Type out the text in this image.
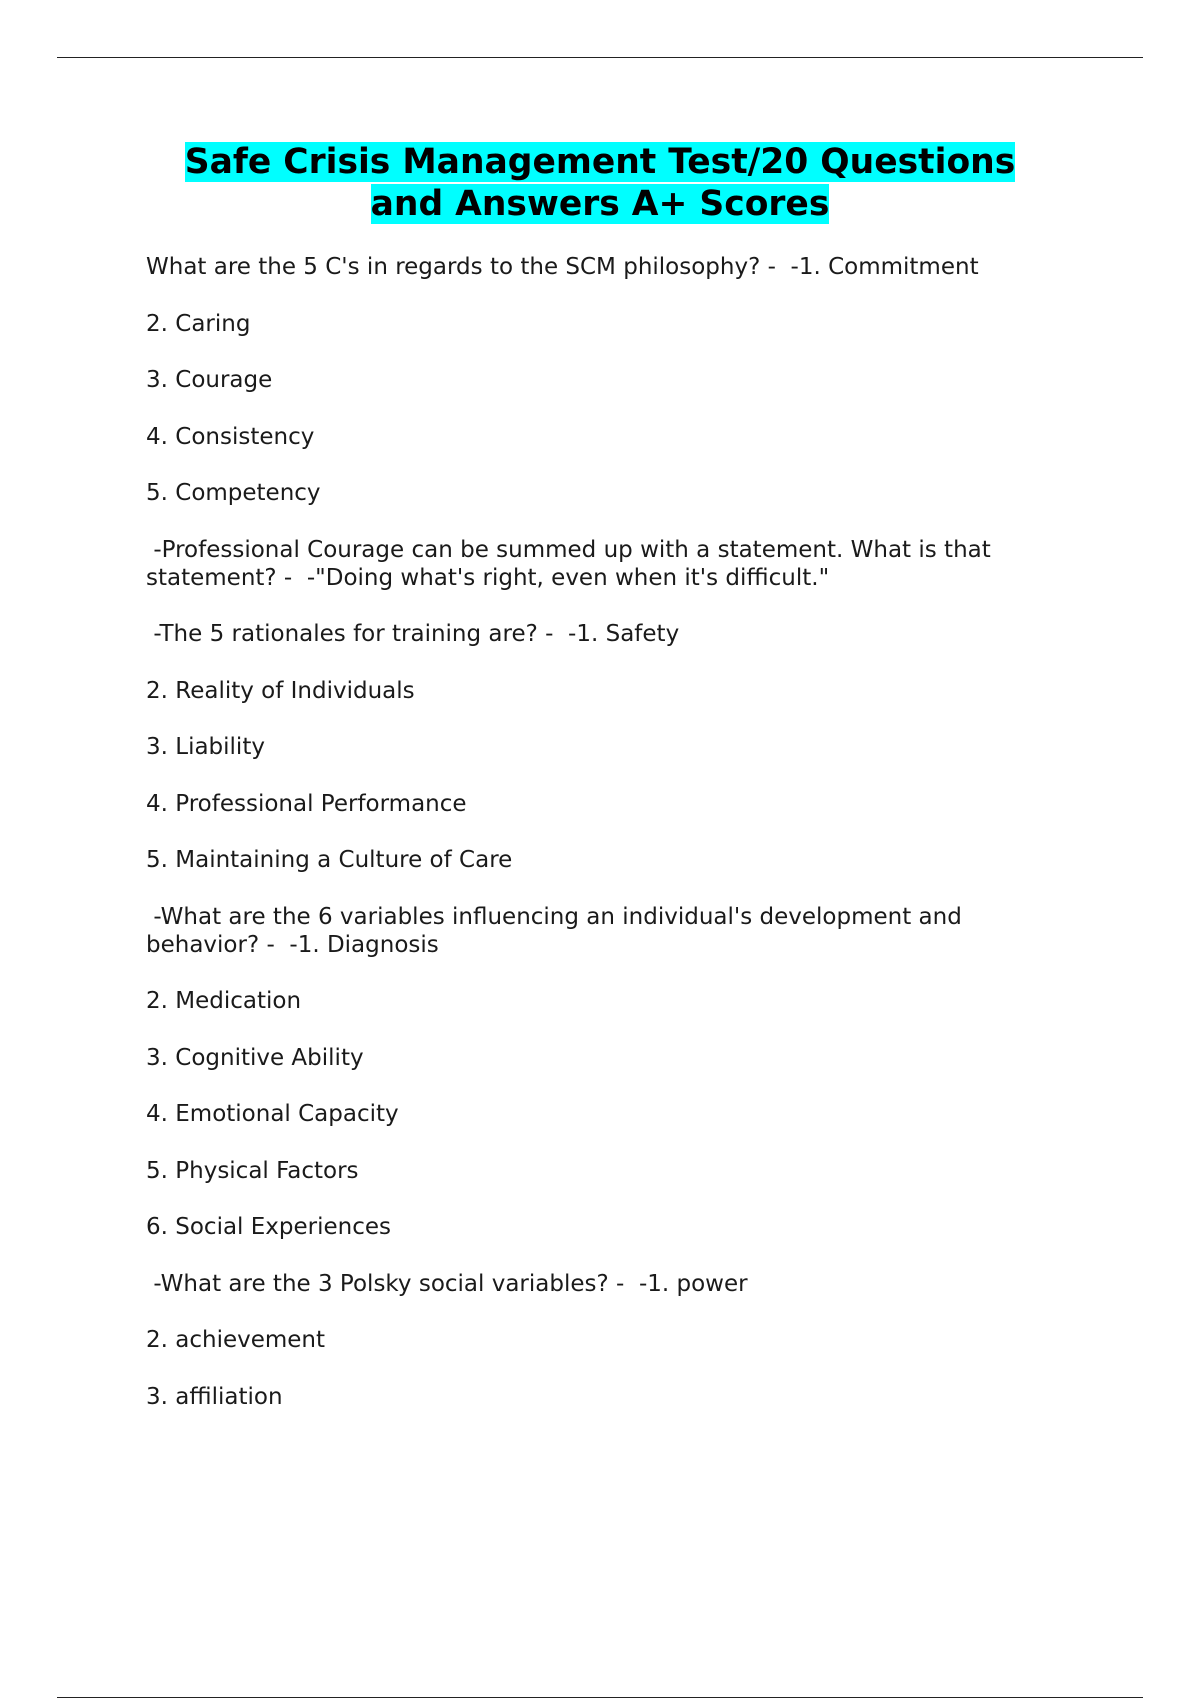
Safe Crisis Management Test/20 Questions
and Answers A+ Scores

What are the 5 C's in regards to the SCM philosophy? -  -1. Commitment

2. Caring

3. Courage

4. Consistency

5. Competency

-Professional Courage can be summed up with a statement. What is that statement? -  -"Doing what's right, even when it's difficult."

-The 5 rationales for training are? -  -1. Safety

2. Reality of Individuals

3. Liability

4. Professional Performance

5. Maintaining a Culture of Care

-What are the 6 variables influencing an individual's development and behavior? -  -1. Diagnosis

2. Medication

3. Cognitive Ability

4. Emotional Capacity

5. Physical Factors

6. Social Experiences

-What are the 3 Polsky social variables? -  -1. power

2. achievement

3. affiliation
